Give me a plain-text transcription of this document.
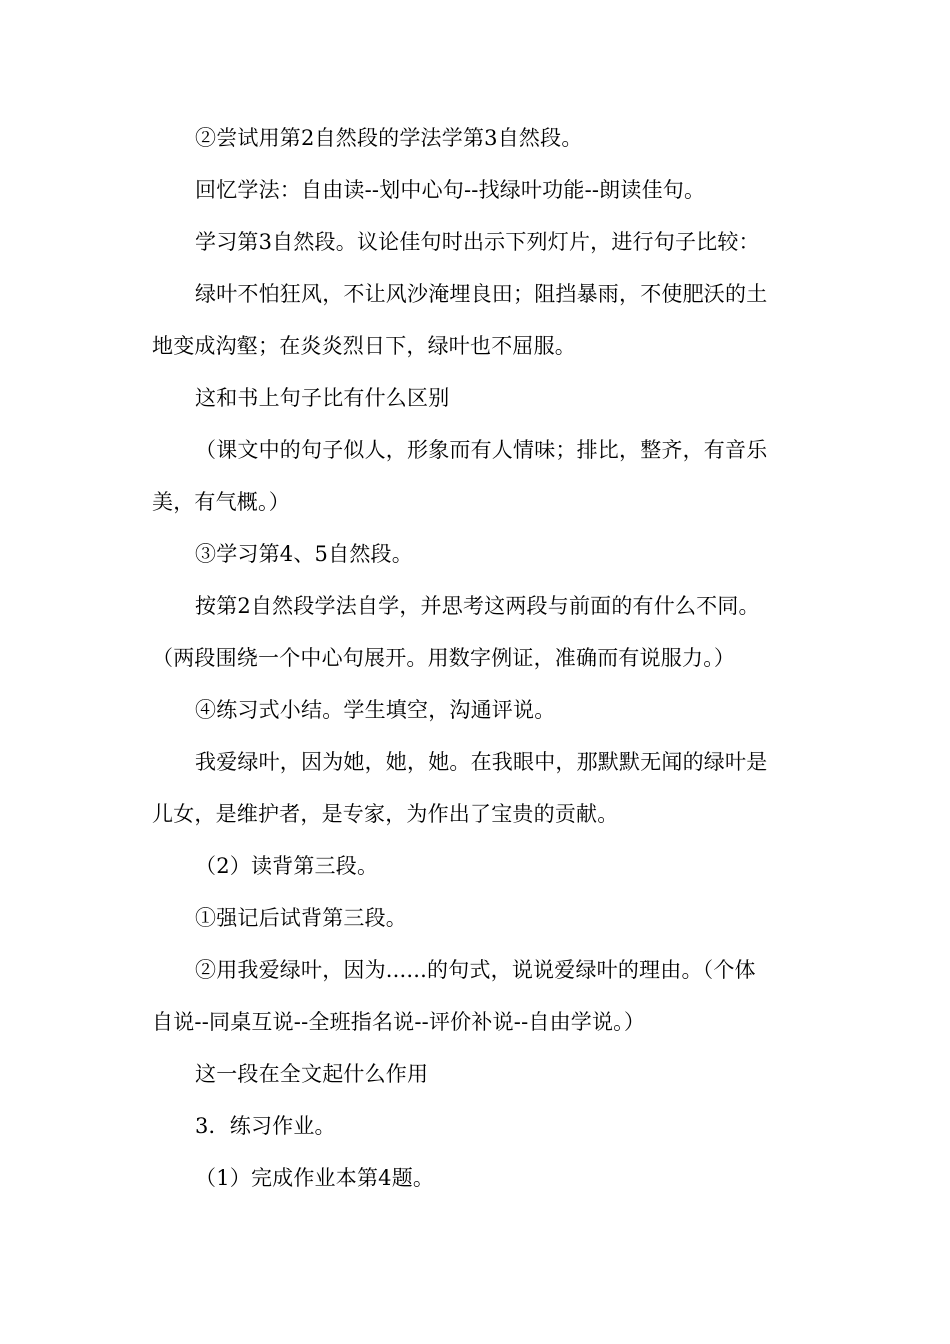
②尝试用第2自然段的学法学第3自然段。

回忆学法：自由读--划中心句--找绿叶功能--朗读佳句。

学习第3自然段。议论佳句时出示下列灯片，进行句子比较：

绿叶不怕狂风，不让风沙淹埋良田；阻挡暴雨，不使肥沃的土

地变成沟壑；在炎炎烈日下，绿叶也不屈服。

这和书上句子比有什么区别

（课文中的句子似人，形象而有人情味；排比，整齐，有音乐

美，有气概。）

③学习第4、5自然段。

按第2自然段学法自学，并思考这两段与前面的有什么不同。

（两段围绕一个中心句展开。用数字例证，准确而有说服力。）

④练习式小结。学生填空，沟通评说。

我爱绿叶，因为她，她，她。在我眼中，那默默无闻的绿叶是

儿女，是维护者，是专家，为作出了宝贵的贡献。

（2）读背第三段。

①强记后试背第三段。

②用我爱绿叶，因为......的句式，说说爱绿叶的理由。（个体

自说--同桌互说--全班指名说--评价补说--自由学说。）

这一段在全文起什么作用

3．练习作业。

（1）完成作业本第4题。
